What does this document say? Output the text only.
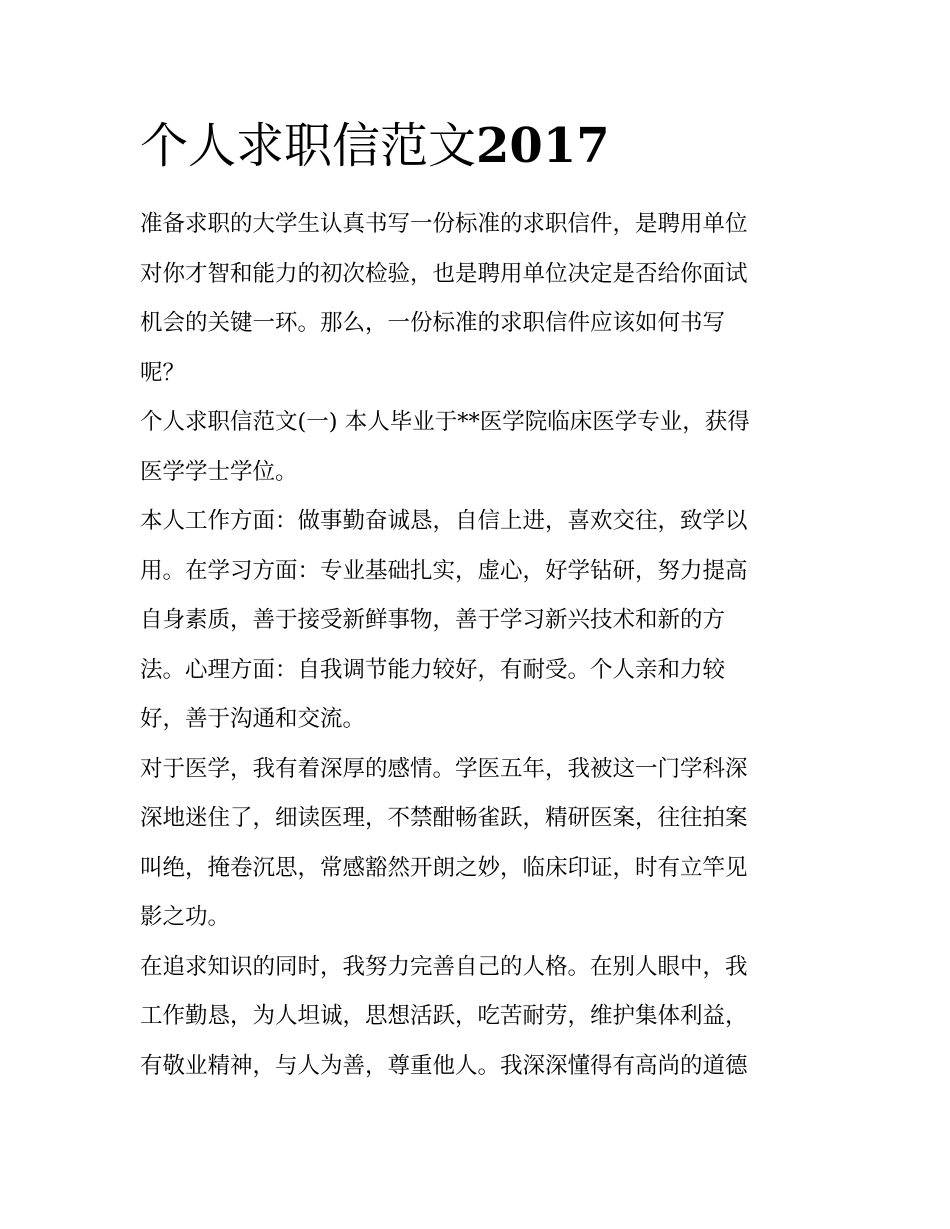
个人求职信范文2017
准备求职的大学生认真书写一份标准的求职信件，是聘用单位
对你才智和能力的初次检验，也是聘用单位决定是否给你面试
机会的关键一环。那么，一份标准的求职信件应该如何书写
呢？
个人求职信范文(一) 本人毕业于**医学院临床医学专业，获得
医学学士学位。
本人工作方面：做事勤奋诚恳，自信上进，喜欢交往，致学以
用。在学习方面：专业基础扎实，虚心，好学钻研，努力提高
自身素质，善于接受新鲜事物，善于学习新兴技术和新的方
法。心理方面：自我调节能力较好，有耐受。个人亲和力较
好，善于沟通和交流。
对于医学，我有着深厚的感情。学医五年，我被这一门学科深
深地迷住了，细读医理，不禁酣畅雀跃，精研医案，往往拍案
叫绝，掩卷沉思，常感豁然开朗之妙，临床印证，时有立竿见
影之功。
在追求知识的同时，我努力完善自己的人格。在别人眼中，我
工作勤恳，为人坦诚，思想活跃，吃苦耐劳，维护集体利益，
有敬业精神，与人为善，尊重他人。我深深懂得有高尚的道德
